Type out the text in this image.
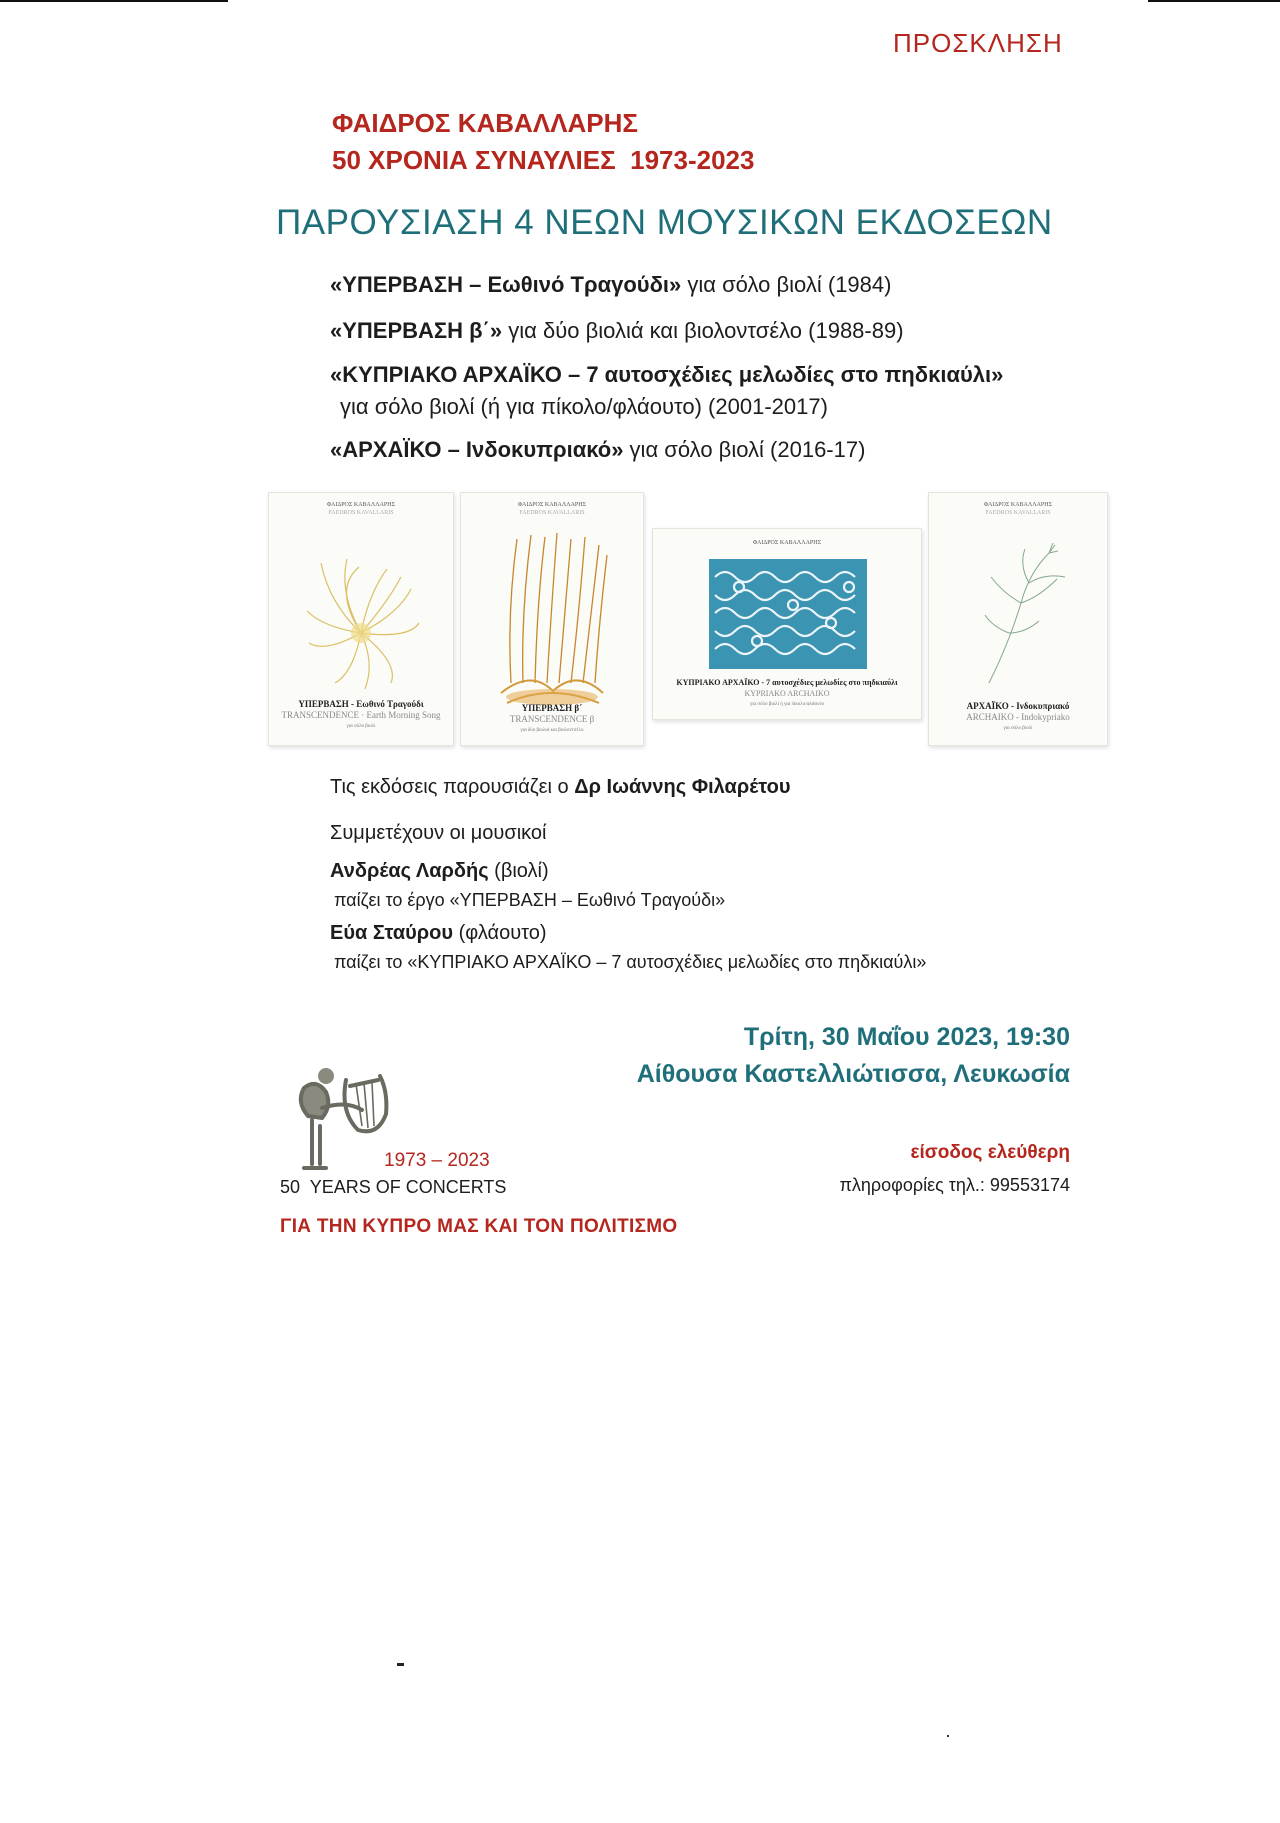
ΠΡΟΣΚΛΗΣΗ
ΦΑΙΔΡΟΣ ΚΑΒΑΛΛΑΡΗΣ
50 ΧΡΟΝΙΑ ΣΥΝΑΥΛΙΕΣ  1973-2023
ΠΑΡΟΥΣΙΑΣΗ 4 ΝΕΩΝ ΜΟΥΣΙΚΩΝ ΕΚΔΟΣΕΩΝ
«ΥΠΕΡΒΑΣΗ – Εωθινό Τραγούδι» για σόλο βιολί (1984)
«ΥΠΕΡΒΑΣΗ β΄» για δύο βιολιά και βιολοντσέλο (1988-89)
«ΚΥΠΡΙΑΚΟ ΑΡΧΑΪΚΟ – 7 αυτοσχέδιες μελωδίες στο πηδκιαύλι»
για σόλο βιολί (ή για πίκολο/φλάουτο) (2001-2017)
«ΑΡΧΑΪΚΟ – Ινδοκυπριακό» για σόλο βιολί (2016-17)
ΦΑΙΔΡΟΣ ΚΑΒΑΛΛΑΡΗΣ
FAEDROS KAVALLARIS
ΥΠΕΡΒΑΣΗ - Εωθινό Τραγούδι
TRANSCENDENCE · Earth Morning Song
για σόλο βιολί
ΦΑΙΔΡΟΣ ΚΑΒΑΛΛΑΡΗΣ
FAEDROS KAVALLARIS
ΥΠΕΡΒΑΣΗ β΄
TRANSCENDENCE β
για δύο βιολιά και βιολοντσέλο
ΦΑΙΔΡΟΣ ΚΑΒΑΛΛΑΡΗΣ
ΚΥΠΡΙΑΚΟ ΑΡΧΑΪΚΟ - 7 αυτοσχέδιες μελωδίες στο πηδκιαύλι
KYPRIAKO ARCHAIKO
για σόλο βιολί ή για πίκολο/φλάουτο
ΦΑΙΔΡΟΣ ΚΑΒΑΛΛΑΡΗΣ
FAEDROS KAVALLARIS
ΑΡΧΑΪΚΟ - Ινδοκυπριακό
ARCHAIKO - Indokypriako
για σόλο βιολί
Τις εκδόσεις παρουσιάζει ο Δρ Ιωάννης Φιλαρέτου
Συμμετέχουν οι μουσικοί
Ανδρέας Λαρδής (βιολί)
παίζει το έργο «ΥΠΕΡΒΑΣΗ – Εωθινό Τραγούδι»
Εύα Σταύρου (φλάουτο)
παίζει το «ΚΥΠΡΙΑΚΟ ΑΡΧΑΪΚΟ – 7 αυτοσχέδιες μελωδίες στο πηδκιαύλι»
Τρίτη, 30 Μαΐου 2023, 19:30
Αίθουσα Καστελλιώτισσα, Λευκωσία
είσοδος ελεύθερη
πληροφορίες τηλ.: 99553174
1973 – 2023
50  YEARS OF CONCERTS
ΓΙΑ ΤΗΝ ΚΥΠΡΟ ΜΑΣ ΚΑΙ ΤΟΝ ΠΟΛΙΤΙΣΜΟ
